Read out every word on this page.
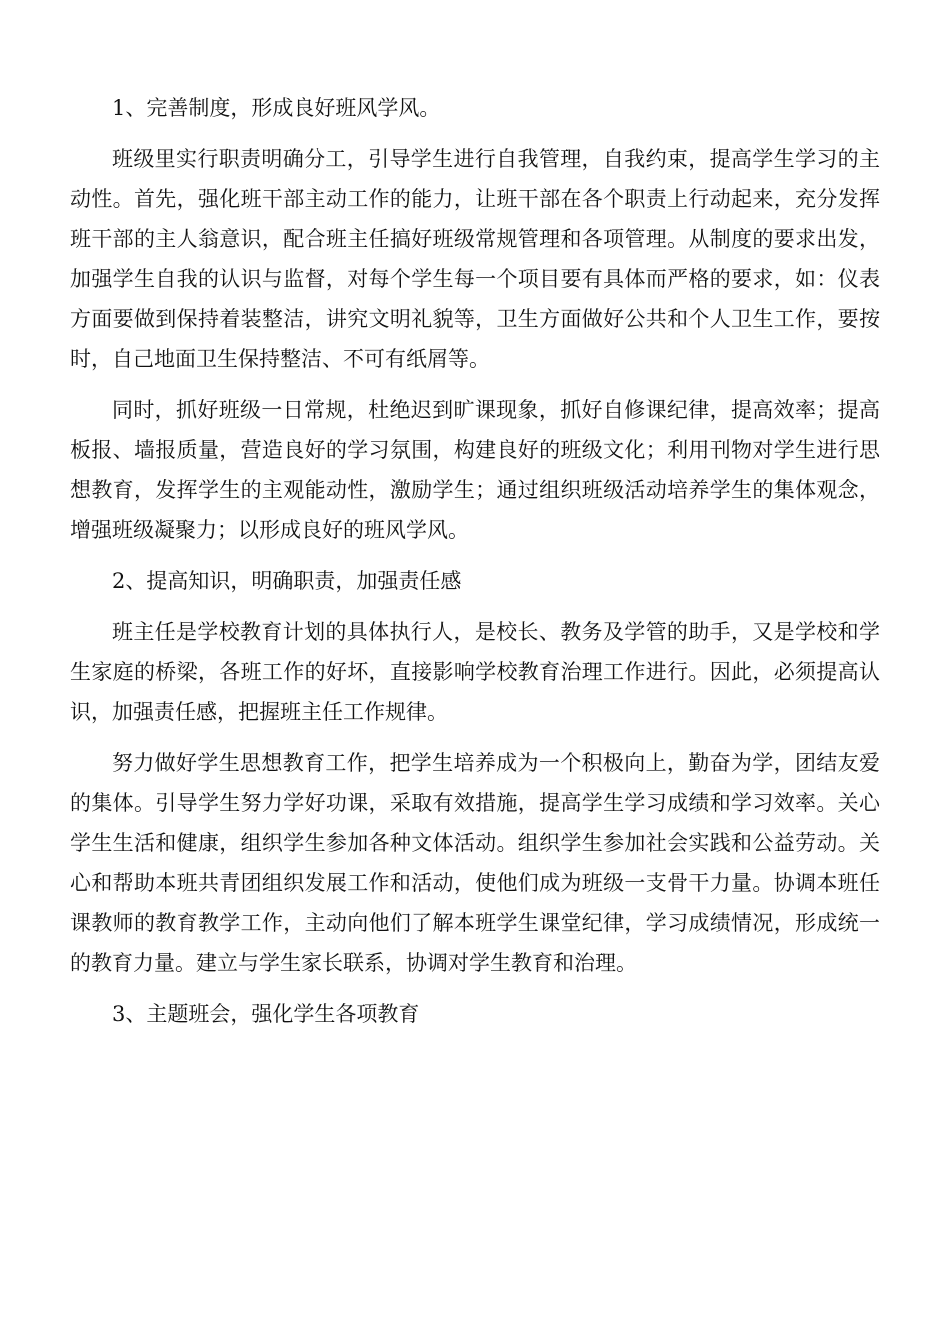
1、完善制度，形成良好班风学风。

班级里实行职责明确分工，引导学生进行自我管理，自我约束，提高学生学习的主动性。首先，强化班干部主动工作的能力，让班干部在各个职责上行动起来，充分发挥班干部的主人翁意识，配合班主任搞好班级常规管理和各项管理。从制度的要求出发，加强学生自我的认识与监督，对每个学生每一个项目要有具体而严格的要求，如：仪表方面要做到保持着装整洁，讲究文明礼貌等，卫生方面做好公共和个人卫生工作，要按时，自己地面卫生保持整洁、不可有纸屑等。

同时，抓好班级一日常规，杜绝迟到旷课现象，抓好自修课纪律，提高效率；提高板报、墙报质量，营造良好的学习氛围，构建良好的班级文化；利用刊物对学生进行思想教育，发挥学生的主观能动性，激励学生；通过组织班级活动培养学生的集体观念，增强班级凝聚力；以形成良好的班风学风。

2、提高知识，明确职责，加强责任感

班主任是学校教育计划的具体执行人，是校长、教务及学管的助手，又是学校和学生家庭的桥梁，各班工作的好坏，直接影响学校教育治理工作进行。因此，必须提高认识，加强责任感，把握班主任工作规律。

努力做好学生思想教育工作，把学生培养成为一个积极向上，勤奋为学，团结友爱的集体。引导学生努力学好功课，采取有效措施，提高学生学习成绩和学习效率。关心学生生活和健康，组织学生参加各种文体活动。组织学生参加社会实践和公益劳动。关心和帮助本班共青团组织发展工作和活动，使他们成为班级一支骨干力量。协调本班任课教师的教育教学工作，主动向他们了解本班学生课堂纪律，学习成绩情况，形成统一的教育力量。建立与学生家长联系，协调对学生教育和治理。

3、主题班会，强化学生各项教育
